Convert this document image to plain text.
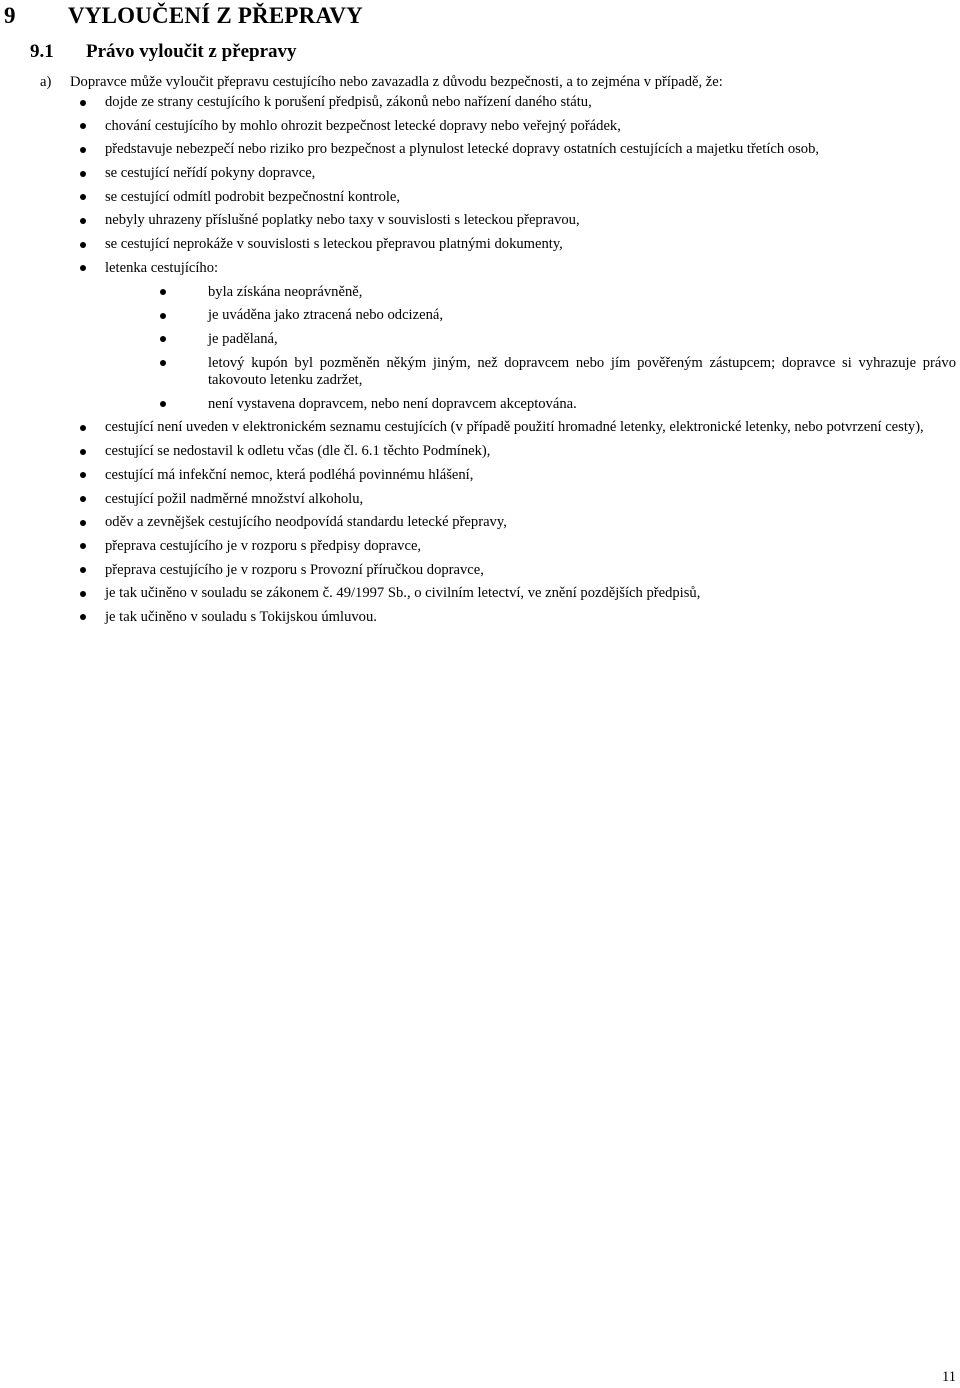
9 VYLOUČENÍ Z PŘEPRAVY
9.1 Právo vyloučit z přepravy
a) Dopravce může vyloučit přepravu cestujícího nebo zavazadla z důvodu bezpečnosti, a to zejména v případě, že:
dojde ze strany cestujícího k porušení předpisů, zákonů nebo nařízení daného státu,
chování cestujícího by mohlo ohrozit bezpečnost letecké dopravy nebo veřejný pořádek,
představuje nebezpečí nebo riziko pro bezpečnost a plynulost letecké dopravy ostatních cestujících a majetku třetích osob,
se cestující neřídí pokyny dopravce,
se cestující odmítl podrobit bezpečnostní kontrole,
nebyly uhrazeny příslušné poplatky nebo taxy v souvislosti s leteckou přepravou,
se cestující neprokáže v souvislosti s leteckou přepravou platnými dokumenty,
letenka cestujícího:
byla získána neoprávněně,
je uváděna jako ztracená nebo odcizená,
je padělaná,
letový kupón byl pozměněn někým jiným, než dopravcem nebo jím pověřeným zástupcem; dopravce si vyhrazuje právo takovouto letenku zadržet,
není vystavena dopravcem, nebo není dopravcem akceptována.
cestující není uveden v elektronickém seznamu cestujících (v případě použití hromadné letenky, elektronické letenky, nebo potvrzení cesty),
cestující se nedostavil k odletu včas (dle čl. 6.1 těchto Podmínek),
cestující má infekční nemoc, která podléhá povinnému hlášení,
cestující požil nadměrné množství alkoholu,
oděv a zevnějšek cestujícího neodpovídá standardu letecké přepravy,
přeprava cestujícího je v rozporu s předpisy dopravce,
přeprava cestujícího je v rozporu s Provozní příručkou dopravce,
je tak učiněno v souladu se zákonem č. 49/1997 Sb., o civilním letectví, ve znění pozdějších předpisů,
je tak učiněno v souladu s Tokijskou úmluvou.
11
